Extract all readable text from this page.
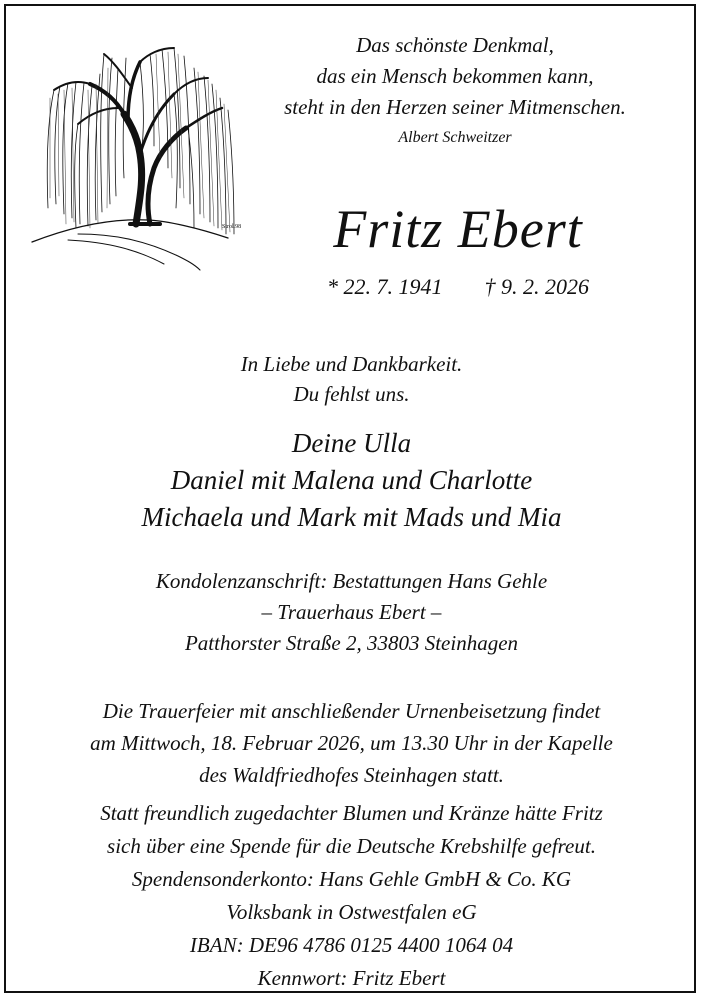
Strol.98
Das schönste Denkmal,
das ein Mensch bekommen kann,
steht in den Herzen seiner Mitmenschen.
Albert Schweitzer
Fritz Ebert
* 22. 7. 1941 † 9. 2. 2026
In Liebe und Dankbarkeit.
Du fehlst uns.
Deine Ulla
Daniel mit Malena und Charlotte
Michaela und Mark mit Mads und Mia
Kondolenzanschrift: Bestattungen Hans Gehle
– Trauerhaus Ebert –
Patthorster Straße 2, 33803 Steinhagen
Die Trauerfeier mit anschließender Urnenbeisetzung findet
am Mittwoch, 18. Februar 2026, um 13.30 Uhr in der Kapelle
des Waldfriedhofes Steinhagen statt.
Statt freundlich zugedachter Blumen und Kränze hätte Fritz
sich über eine Spende für die Deutsche Krebshilfe gefreut.
Spendensonderkonto: Hans Gehle GmbH & Co. KG
Volksbank in Ostwestfalen eG
IBAN: DE96 4786 0125 4400 1064 04
Kennwort: Fritz Ebert
